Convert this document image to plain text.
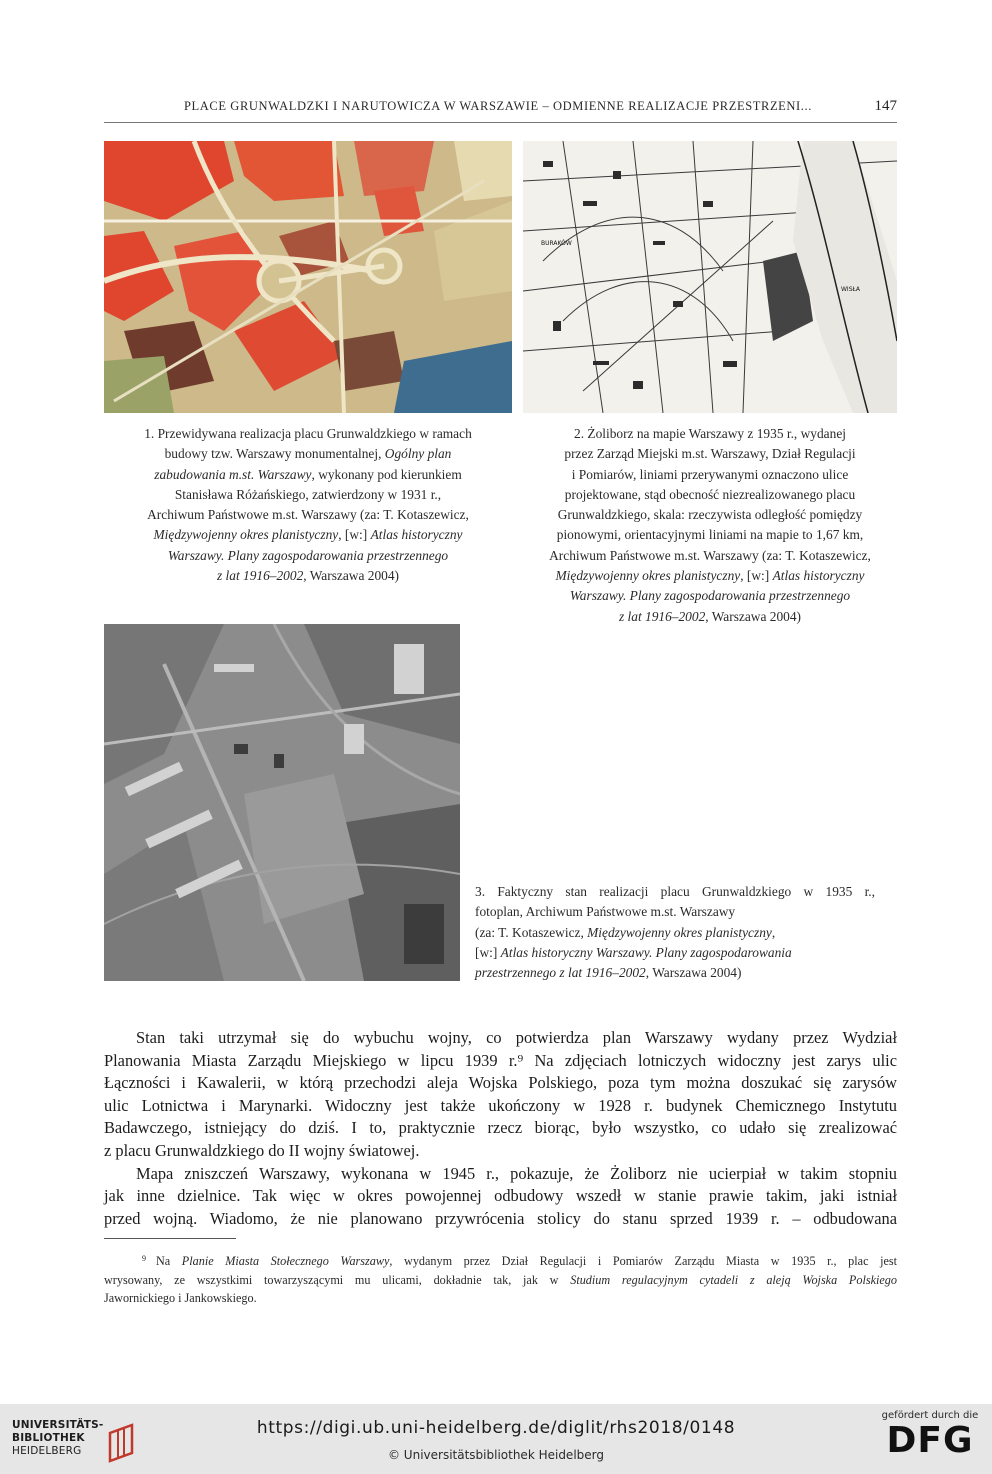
PLACE GRUNWALDZKI I NARUTOWICZA W WARSZAWIE – ODMIENNE REALIZACJE PRZESTRZENI...	147
BURAKÓW
WISŁA
1. Przewidywana realizacja placu Grunwaldzkiego w ramach
budowy tzw. Warszawy monumentalnej, Ogólny plan
zabudowania m.st. Warszawy, wykonany pod kierunkiem
Stanisława Różańskiego, zatwierdzony w 1931 r.,
Archiwum Państwowe m.st. Warszawy (za: T. Kotaszewicz,
Międzywojenny okres planistyczny, [w:] Atlas historyczny
Warszawy. Plany zagospodarowania przestrzennego
z lat 1916–2002, Warszawa 2004)
2. Żoliborz na mapie Warszawy z 1935 r., wydanej
przez Zarząd Miejski m.st. Warszawy, Dział Regulacji
i Pomiarów, liniami przerywanymi oznaczono ulice
projektowane, stąd obecność niezrealizowanego placu
Grunwaldzkiego, skala: rzeczywista odległość pomiędzy
pionowymi, orientacyjnymi liniami na mapie to 1,67 km,
Archiwum Państwowe m.st. Warszawy (za: T. Kotaszewicz,
Międzywojenny okres planistyczny, [w:] Atlas historyczny
Warszawy. Plany zagospodarowania przestrzennego
z lat 1916–2002, Warszawa 2004)
3. Faktyczny stan realizacji placu Grunwaldzkiego w 1935 r.,
fotoplan, Archiwum Państwowe m.st. Warszawy
(za: T. Kotaszewicz, Międzywojenny okres planistyczny,
[w:] Atlas historyczny Warszawy. Plany zagospodarowania
przestrzennego z lat 1916–2002, Warszawa 2004)
Stan taki utrzymał się do wybuchu wojny, co potwierdza plan Warszawy wydany przez Wydział
Planowania Miasta Zarządu Miejskiego w lipcu 1939 r.⁹ Na zdjęciach lotniczych widoczny jest zarys ulic
Łączności i Kawalerii, w którą przechodzi aleja Wojska Polskiego, poza tym można doszukać się zarysów
ulic Lotnictwa i Marynarki. Widoczny jest także ukończony w 1928 r. budynek Chemicznego Instytutu
Badawczego, istniejący do dziś. I to, praktycznie rzecz biorąc, było wszystko, co udało się zrealizować
z placu Grunwaldzkiego do II wojny światowej.
Mapa zniszczeń Warszawy, wykonana w 1945 r., pokazuje, że Żoliborz nie ucierpiał w takim stopniu
jak inne dzielnice. Tak więc w okres powojennej odbudowy wszedł w stanie prawie takim, jaki istniał
przed wojną. Wiadomo, że nie planowano przywrócenia stolicy do stanu sprzed 1939 r. – odbudowana
$^9$ Na Planie Miasta Stołecznego Warszawy, wydanym przez Dział Regulacji i Pomiarów Zarządu Miasta w 1935 r., plac jest
wrysowany, ze wszystkimi towarzyszącymi mu ulicami, dokładnie tak, jak w Studium regulacyjnym cytadeli z aleją Wojska Polskiego
Jawornickiego i Jankowskiego.
UNIVERSITÄTS-
BIBLIOTHEK
HEIDELBERG
https://digi.ub.uni-heidelberg.de/diglit/rhs2018/0148
© Universitätsbibliothek Heidelberg
gefördert durch die
DFG
